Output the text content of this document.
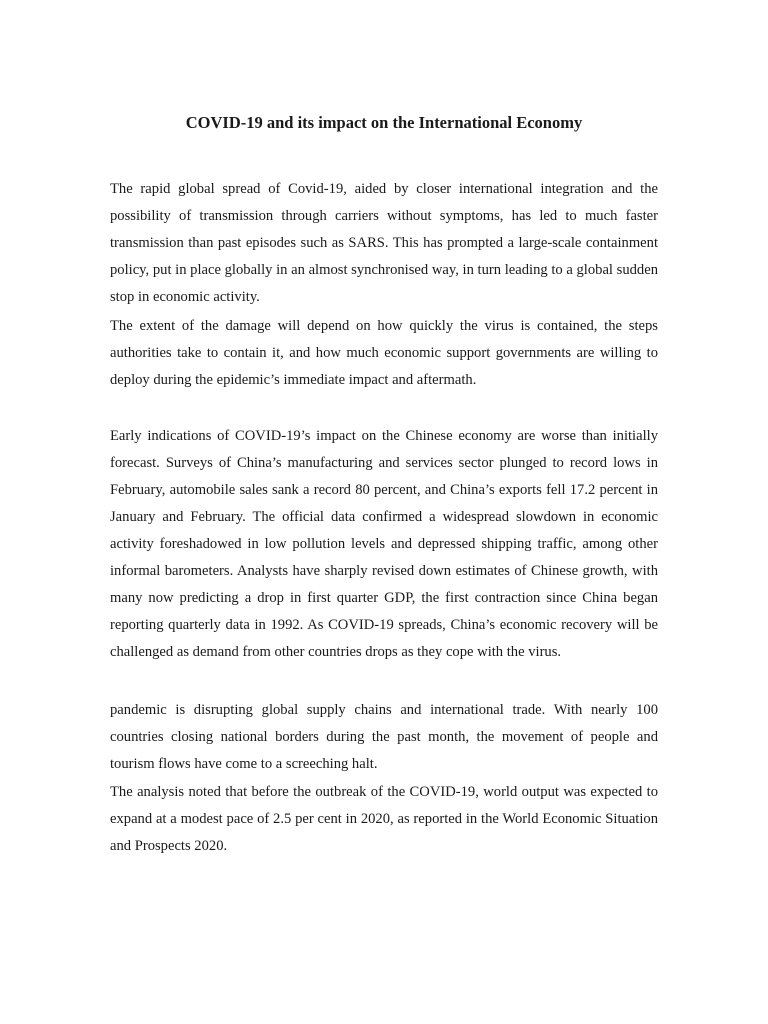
COVID-19 and its impact on the International Economy

The rapid global spread of Covid-19, aided by closer international integration and the possibility of transmission through carriers without symptoms, has led to much faster transmission than past episodes such as SARS. This has prompted a large-scale containment policy, put in place globally in an almost synchronised way, in turn leading to a global sudden stop in economic activity.

The extent of the damage will depend on how quickly the virus is contained, the steps authorities take to contain it, and how much economic support governments are willing to deploy during the epidemic’s immediate impact and aftermath.

Early indications of COVID-19’s impact on the Chinese economy are worse than initially forecast. Surveys of China’s manufacturing and services sector plunged to record lows in February, automobile sales sank a record 80 percent, and China’s exports fell 17.2 percent in January and February. The official data confirmed a widespread slowdown in economic activity foreshadowed in low pollution levels and depressed shipping traffic, among other informal barometers. Analysts have sharply revised down estimates of Chinese growth, with many now predicting a drop in first quarter GDP, the first contraction since China began reporting quarterly data in 1992. As COVID-19 spreads, China’s economic recovery will be challenged as demand from other countries drops as they cope with the virus.

pandemic is disrupting global supply chains and international trade. With nearly 100 countries closing national borders during the past month, the movement of people and tourism flows have come to a screeching halt.

The analysis noted that before the outbreak of the COVID-19, world output was expected to expand at a modest pace of 2.5 per cent in 2020, as reported in the World Economic Situation and Prospects 2020.
